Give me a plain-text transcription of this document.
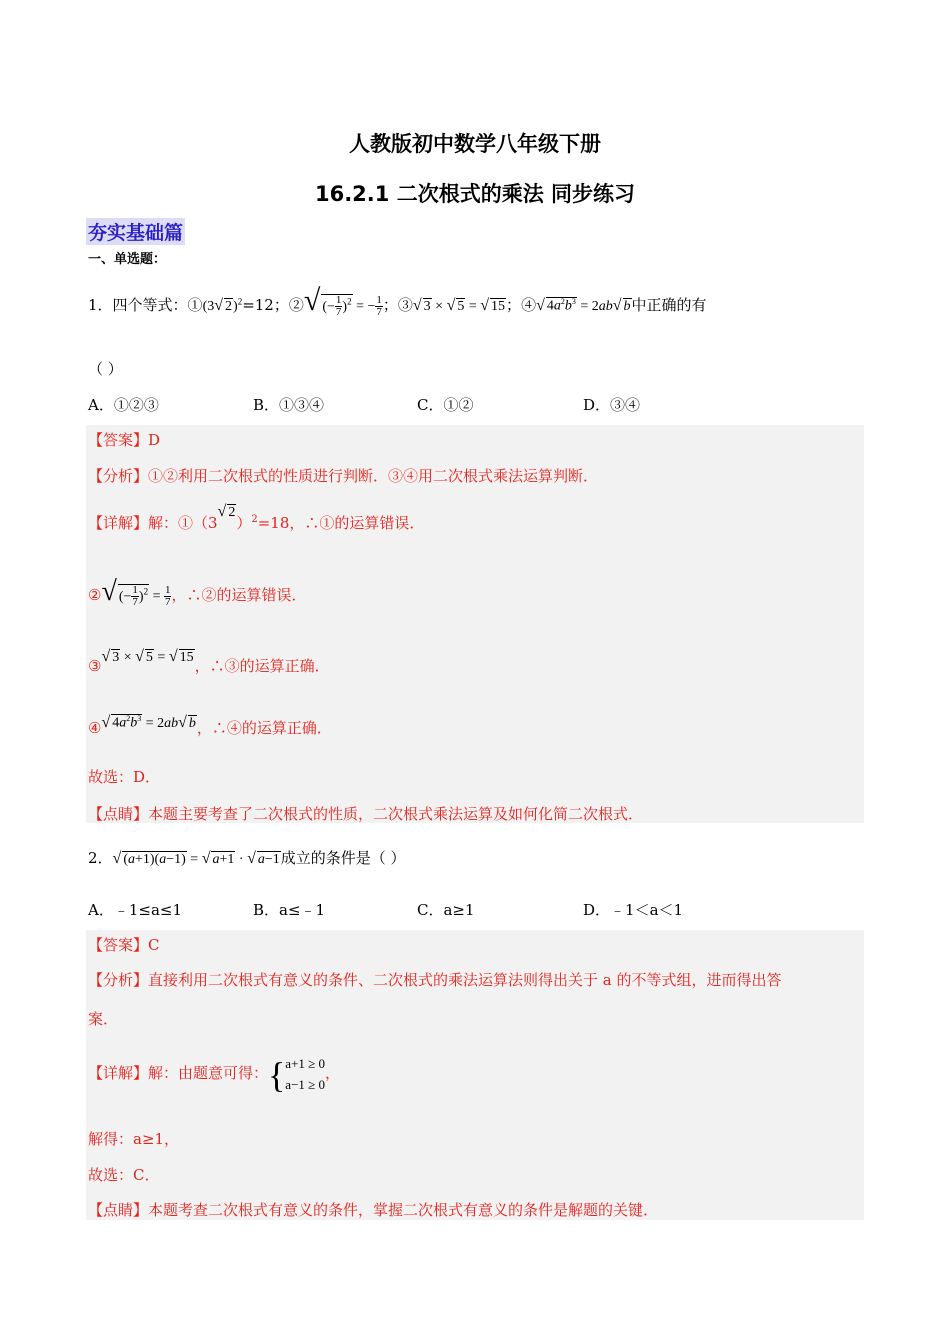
人教版初中数学八年级下册
16.2.1 二次根式的乘法 同步练习
夯实基础篇
一、单选题：
1．四个等式：①(3√ 2)$^2$=12；②√ (− $\frac{1}{7} )^2$ = − $\frac{1}{7}$ ；③√ 3 × √ 5 = √ 15；④√ $4a^2b^3 = 2ab√$ b中正确的有
（ ）
A．①②③	B．①③④	C．①②	D．③④
【答案】D
【分析】①②利用二次根式的性质进行判断．③④用二次根式乘法运算判断．
【详解】解：①（3√ 2）$^2$=18，∴①的运算错误．
②√ (− $\frac{1}{7} )^2 = \frac{1}{7}$ ，∴②的运算错误．
③√ 3 × √ 5 = √ 15，∴③的运算正确．
④√ $4a^2b^3 = 2ab√$ b，∴④的运算正确．
故选：D．
【点睛】本题主要考查了二次根式的性质，二次根式乘法运算及如何化简二次根式．
2．√ (a+1)(a−1) = √ a+1 · √ a−1成立的条件是（ ）
A．﹣1≤a≤1	B．a≤﹣1	C．a≥1	D．﹣1＜a＜1
【答案】C
【分析】直接利用二次根式有意义的条件、二次根式的乘法运算法则得出关于 a 的不等式组，进而得出答
案．
【详解】解：由题意可得：{ a+1 ≥ 0
a−1 ≥ 0
，
解得：a≥1，
故选：C．
【点睛】本题考查二次根式有意义的条件，掌握二次根式有意义的条件是解题的关键．
